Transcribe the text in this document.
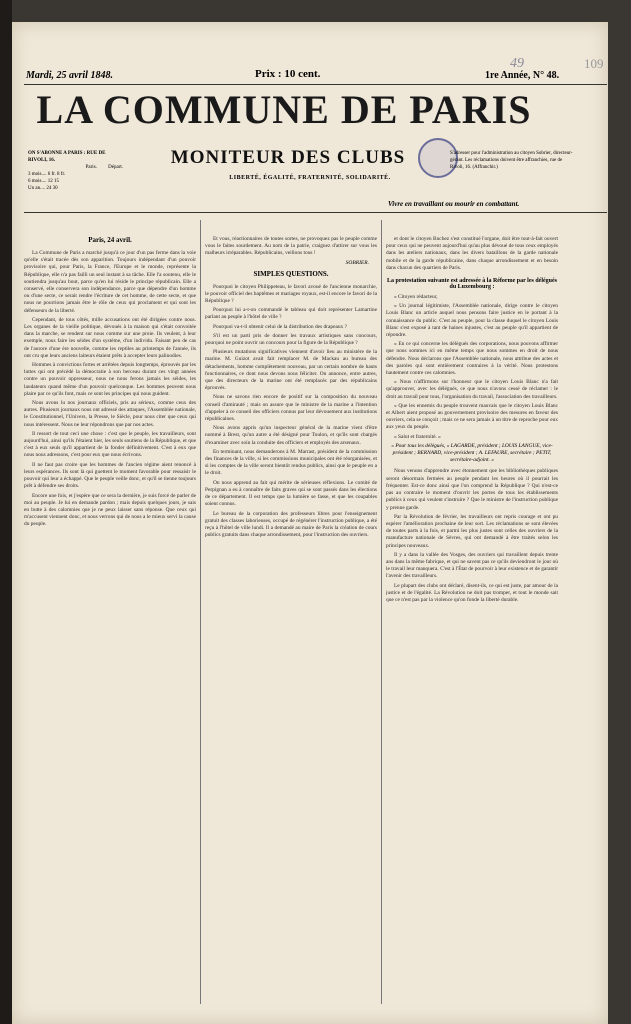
49	109
Mardi, 25 avril 1848.	Prix : 10 cent.	1re Année, N° 48.
LA COMMUNE DE PARIS
ON S'ABONNE A PARIS : RUE DE RIVOLI, 16.
Paris. Départ.
3 mois.... 6 fr. 8 fr.
6 mois.... 12 15
Un an.... 24 30
MONITEUR DES CLUBS
LIBERTÉ, ÉGALITÉ, FRATERNITÉ, SOLIDARITÉ.
S'adresser pour l'administration au citoyen Sobrier, directeur-gérant. Les réclamations doivent être affranchies, rue de Rivoli, 16. (Affranchir.)
Vivre en travaillant ou mourir en combattant.
Paris, 24 avril.

La Commune de Paris a marché jusqu'à ce jour d'un pas ferme dans la voie qu'elle s'était tracée dès son apparition. Toujours indépendant d'un pouvoir provisoire qui, pour Paris, la France, l'Europe et le monde, représente la République, elle n'a pas failli un seul instant à sa tâche. Elle l'a soutenu, elle le soutiendra jusqu'au bout, parce qu'en lui réside le principe républicain. Elle a conservé, elle conservera son indépendance, parce que dépendre d'un homme ou d'une secte, ce serait rendre l'écriture de cet homme, de cette secte, et que nous ne pourrions jamais être le rôle de ceux qui proclament et qui sont les défenseurs de la liberté.

Cependant, de tous côtés, mille accusations ont été dirigées contre nous. Les organes de la vieille politique, dévoués à la maison qui s'était convoitée dans la marche, se rendent sur nous comme sur une proie. Ils veulent, à leur exemple, nous faire les séides d'un système, d'un individu. Faisant peu de cas de l'aurore d'une ère nouvelle, comme les reptiles au printemps de l'année, ils ont cru que leurs anciens laiteurs étaient prêts à accepter leurs palinodies.

Hommes à convictions fortes et arrêtées depuis longtemps, éprouvés par les luttes qui ont précédé la démocratie à son berceau durant ces vingt années contre un pouvoir oppresseur, nous ne nous ferons jamais les séides, les laudateurs quand même d'un pouvoir quelconque. Les hommes peuvent nous plaire par ce qu'ils font, mais ce sont les principes qui nous guident.

Nous avons lu nos journaux officiels, pris au sérieux, comme ceux des autres. Plusieurs journaux nous ont adressé des attaques, l'Assemblée nationale, le Constitutionnel, l'Univers, la Presse, le Siècle, pour nous citer que ceux qui nous intéressent. Nous ne leur répondrons que par nos actes.

Il ressort de tout ceci une chose : c'est que le peuple, les travailleurs, sont aujourd'hui, ainsi qu'ils l'étaient hier, les seuls soutiens de la République, et que c'est à eux seuls qu'il appartient de la fonder définitivement. C'est à eux que nous nous adressons, c'est pour eux que nous écrivons.

Il ne faut pas croire que les hommes de l'ancien régime aient renoncé à leurs espérances. Ils sont là qui guettent le moment favorable pour ressaisir le pouvoir qui leur a échappé. Que le peuple veille donc, et qu'il se tienne toujours prêt à défendre ses droits.

Encore une fois, et j'espère que ce sera la dernière, je suis forcé de parler de moi au peuple. Je lui en demande pardon ; mais depuis quelques jours, je sais en butte à des calomnies que je ne peux laisser sans réponse. Que ceux qui m'accusent viennent donc, et nous verrons qui de nous a le mieux servi la cause du peuple.

Et vous, réactionnaires de toutes sortes, ne provoquez pas le peuple comme vous le faites sourdement. Au nom de la patrie, craignez d'attirer sur vous les malheurs irréparables. Républicains, veillons tous !

SOBRIER.
SIMPLES QUESTIONS.

Pourquoi le citoyen Philippeteau, le favori avoué de l'ancienne monarchie, le pouvoir officiel des baptêmes et mariages royaux, est-il encore le favori de la République ?

Pourquoi lui a-t-on commandé le tableau qui doit représenter Lamartine parlant au peuple à l'hôtel de ville ?

Pourquoi va-t-il obtenir celui de la distribution des drapeaux ?

S'il est un parti pris de donner les travaux artistiques sans concours, pourquoi ne point ouvrir un concours pour la figure de la République ?

Plusieurs mutations significatives viennent d'avoir lieu au ministère de la marine. M. Guizot avait fait remplacer M. de Mackau au bureau des détachements, homme complètement nouveau, par un certain nombre de hauts fonctionnaires, ce dont nous devons nous féliciter. On annonce, entre autres, que des directeurs de la marine ont été remplacés par des républicains éprouvés.

Nous ne savons rien encore de positif sur la composition du nouveau conseil d'amirauté ; mais on assure que le ministre de la marine a l'intention d'appeler à ce conseil des officiers connus par leur dévouement aux institutions républicaines.

Nous avons appris qu'un inspecteur général de la marine vient d'être nommé à Brest, qu'un autre a été désigné pour Toulon, et qu'ils sont chargés d'examiner avec soin la conduite des officiers et employés des arsenaux.

En terminant, nous demanderons à M. Marrast, président de la commission des finances de la ville, si les commissions municipales ont été réorganisées, et si les comptes de la ville seront bientôt rendus publics, ainsi que le peuple en a le droit.

On nous apprend au fait qui mérite de sérieuses réflexions. Le comité de Perpignan a eu à connaître de faits graves qui se sont passés dans les élections de ce département. Il est temps que la lumière se fasse, et que les coupables soient connus.

Le bureau de la corporation des professeurs libres pour l'enseignement gratuit des classes laborieuses, occupé de régénérer l'instruction publique, a été reçu à l'hôtel de ville lundi. Il a demandé au maire de Paris la création de cours publics gratuits dans chaque arrondissement, pour l'instruction des ouvriers.

et dont le citoyen Buchez s'est constitué l'organe, doit être tout-à-fait ouvert pour ceux qui ne peuvent aujourd'hui qu'au plus dévoué de tous ceux employés dans les ateliers nationaux, dans les divers bataillons de la garde nationale mobile et de la garde républicaine, dans chaque arrondissement et en besoin dans chacun des quartiers de Paris.

La protestation suivante est adressée à la Réforme par les délégués du Luxembourg :

« Citoyen rédacteur,

« Un journal légitimiste, l'Assemblée nationale, dirige contre le citoyen Louis Blanc un article auquel nous pensons faire justice en le portant à la connaissance du public. C'est au peuple, pour la classe duquel le citoyen Louis Blanc s'est exposé à tant de haines injustes, c'est au peuple qu'il appartient de répondre.

« En ce qui concerne les délégués des corporations, nous pouvons affirmer que nous sommes ici en même temps que nous sommes en droit de nous défendre. Nous déclarons que l'Assemblée nationale, nous attribue des actes et des paroles qui sont entièrement contraires à la vérité. Nous protestons hautement contre ces calomnies.

« Nous n'affirmons sur l'honneur que le citoyen Louis Blanc n'a fait qu'approuver, avec les délégués, ce que nous n'avons cessé de réclamer : le droit au travail pour tous, l'organisation du travail, l'association des travailleurs.

« Que les ennemis du peuple trouvent mauvais que le citoyen Louis Blanc et Albert aient proposé au gouvernement provisoire des mesures en faveur des ouvriers, cela se conçoit ; mais ce ne sera jamais à un titre de reproche pour eux aux yeux du peuple.

« Salut et fraternité. »

« Pour tous les délégués, « LAGARDE, président ; LOUIS LANGUE, vice-président ; BERNARD, vice-président ; A. LEFAURE, secrétaire ; PETIT, secrétaire-adjoint. »

Nous venons d'apprendre avec étonnement que les bibliothèques publiques seront désormais fermées au peuple pendant les heures où il pourrait les fréquenter. Est-ce donc ainsi que l'on comprend la République ? Qui n'est-ce pas au contraire le moment d'ouvrir les portes de tous les établissements publics à ceux qui veulent s'instruire ? Que le ministre de l'instruction publique y prenne garde.

Par la Révolution de février, les travailleurs ont repris courage et ont pu espérer l'amélioration prochaine de leur sort. Les réclamations se sont élevées de toutes parts à la fois, et parmi les plus justes sont celles des ouvriers de la manufacture nationale de Sèvres, qui ont demandé à être traités selon les principes nouveaux.

Il y a dans la vallée des Vosges, des ouvriers qui travaillent depuis trente ans dans la même fabrique, et qui ne savent pas ce qu'ils deviendront le jour où le travail leur manquera. C'est à l'État de pourvoir à leur existence et de garantir l'avenir des travailleurs.

Le plupart des clubs ont déclaré, disent-ils, ce qui est juste, par amour de la justice et de l'égalité. La Révolution ne doit pas tromper, et tout le monde sait que ce n'est pas par la violence qu'on fonde la liberté durable.
